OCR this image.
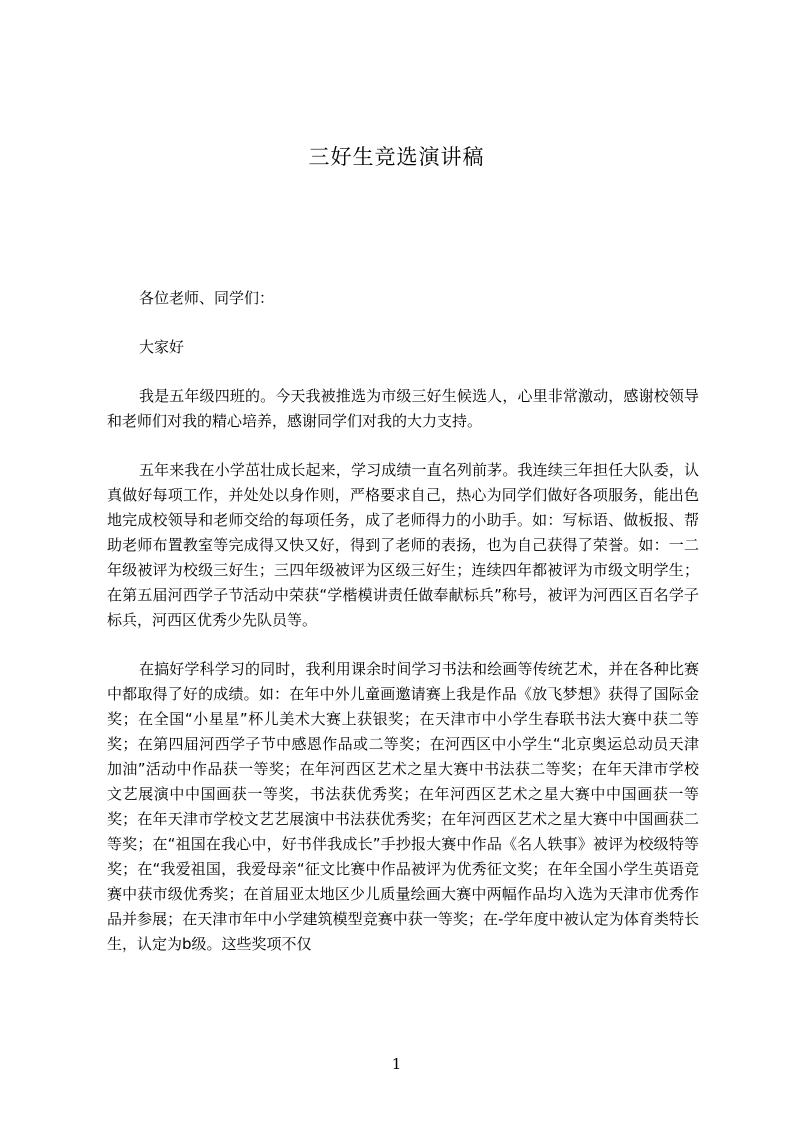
三好生竞选演讲稿

各位老师、同学们：

大家好

我是五年级四班的。今天我被推选为市级三好生候选人，心里非常激动，感谢校领导和老师们对我的精心培养，感谢同学们对我的大力支持。

五年来我在小学茁壮成长起来，学习成绩一直名列前茅。我连续三年担任大队委，认真做好每项工作，并处处以身作则，严格要求自己，热心为同学们做好各项服务，能出色地完成校领导和老师交给的每项任务，成了老师得力的小助手。如：写标语、做板报、帮助老师布置教室等完成得又快又好，得到了老师的表扬，也为自己获得了荣誉。如：一二年级被评为校级三好生；三四年级被评为区级三好生；连续四年都被评为市级文明学生；在第五届河西学子节活动中荣获“学楷模讲责任做奉献标兵”称号，被评为河西区百名学子标兵，河西区优秀少先队员等。

在搞好学科学习的同时，我利用课余时间学习书法和绘画等传统艺术，并在各种比赛中都取得了好的成绩。如：在年中外儿童画邀请赛上我是作品《放飞梦想》获得了国际金奖；在全国“小星星”杯儿美术大赛上获银奖；在天津市中小学生春联书法大赛中获二等奖；在第四届河西学子节中感恩作品或二等奖；在河西区中小学生“北京奥运总动员天津加油”活动中作品获一等奖；在年河西区艺术之星大赛中书法获二等奖；在年天津市学校文艺展演中中国画获一等奖，书法获优秀奖；在年河西区艺术之星大赛中中国画获一等奖；在年天津市学校文艺艺展演中书法获优秀奖；在年河西区艺术之星大赛中中国画获二等奖；在“祖国在我心中，好书伴我成长”手抄报大赛中作品《名人轶事》被评为校级特等奖；在“我爱祖国，我爱母亲“征文比赛中作品被评为优秀征文奖；在年全国小学生英语竞赛中获市级优秀奖；在首届亚太地区少儿质量绘画大赛中两幅作品均入选为天津市优秀作品并参展；在天津市年中小学建筑模型竞赛中获一等奖；在-学年度中被认定为体育类特长生，认定为b级。这些奖项不仅

1
